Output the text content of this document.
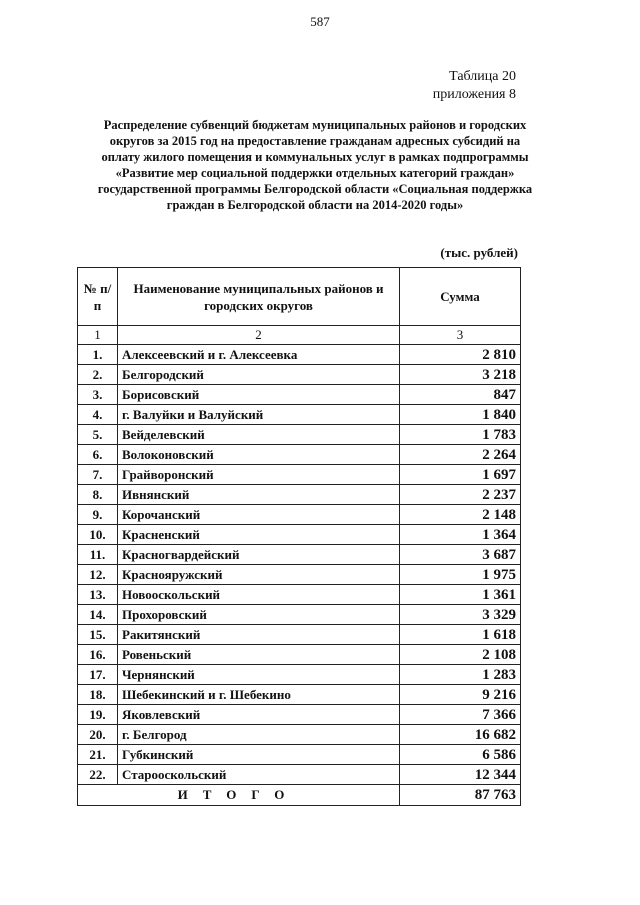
587
Таблица 20
приложения 8
Распределение субвенций бюджетам муниципальных районов и городских округов за 2015 год на предоставление гражданам адресных субсидий на оплату жилого помещения и коммунальных услуг в рамках подпрограммы «Развитие мер социальной поддержки отдельных категорий граждан» государственной программы Белгородской области «Социальная поддержка граждан в Белгородской области на 2014-2020 годы»
(тыс. рублей)
№ п/п	Наименование муниципальных районов и городских округов	Сумма
1	2	3
1.	Алексеевский и г. Алексеевка	2 810
2.	Белгородский	3 218
3.	Борисовский	847
4.	г. Валуйки и Валуйский	1 840
5.	Вейделевский	1 783
6.	Волоконовский	2 264
7.	Грайворонский	1 697
8.	Ивнянский	2 237
9.	Корочанский	2 148
10.	Красненский	1 364
11.	Красногвардейский	3 687
12.	Краснояружский	1 975
13.	Новооскольский	1 361
14.	Прохоровский	3 329
15.	Ракитянский	1 618
16.	Ровеньский	2 108
17.	Чернянский	1 283
18.	Шебекинский и г. Шебекино	9 216
19.	Яковлевский	7 366
20.	г. Белгород	16 682
21.	Губкинский	6 586
22.	Старооскольский	12 344
ИТОГО		87 763
